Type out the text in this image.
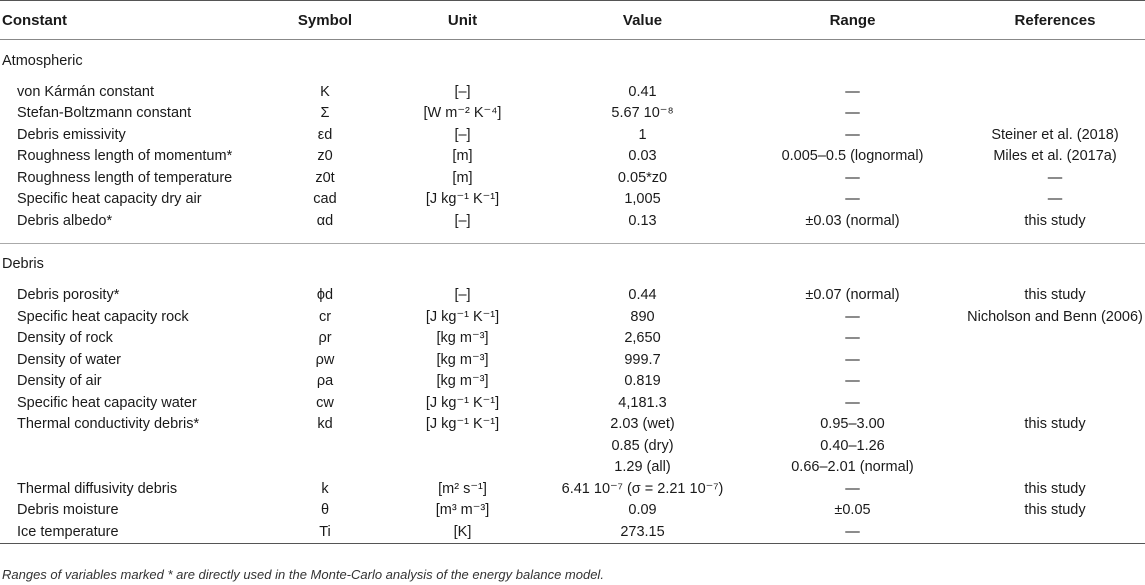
Constant	Symbol	Unit	Value	Range	References
Atmospheric					
von Kármán constant	Κ	[–]	0.41	—	
Stefan-Boltzmann constant	Σ	[W m⁻² K⁻⁴]	5.67 10⁻⁸	—	
Debris emissivity	εd	[–]	1	—	Steiner et al. (2018)
Roughness length of momentum*	z0	[m]	0.03	0.005–0.5 (lognormal)	Miles et al. (2017a)
Roughness length of temperature	z0t	[m]	0.05*z0	—	—
Specific heat capacity dry air	cad	[J kg⁻¹ K⁻¹]	1,005	—	—
Debris albedo*	αd	[–]	0.13	±0.03 (normal)	this study

Debris					
Debris porosity*	ϕd	[–]	0.44	±0.07 (normal)	this study
Specific heat capacity rock	cr	[J kg⁻¹ K⁻¹]	890	—	Nicholson and Benn (2006)
Density of rock	ρr	[kg m⁻³]	2,650	—	
Density of water	ρw	[kg m⁻³]	999.7	—	
Density of air	ρa	[kg m⁻³]	0.819	—	
Specific heat capacity water	cw	[J kg⁻¹ K⁻¹]	4,181.3	—	
Thermal conductivity debris*	kd	[J kg⁻¹ K⁻¹]	2.03 (wet)	0.95–3.00	this study
			0.85 (dry)	0.40–1.26	
			1.29 (all)	0.66–2.01 (normal)	
Thermal diffusivity debris	k	[m² s⁻¹]	6.41 10⁻⁷ (σ = 2.21 10⁻⁷)	—	this study
Debris moisture	θ	[m³ m⁻³]	0.09	±0.05	this study
Ice temperature	Ti	[K]	273.15	—	
Ranges of variables marked * are directly used in the Monte-Carlo analysis of the energy balance model.
